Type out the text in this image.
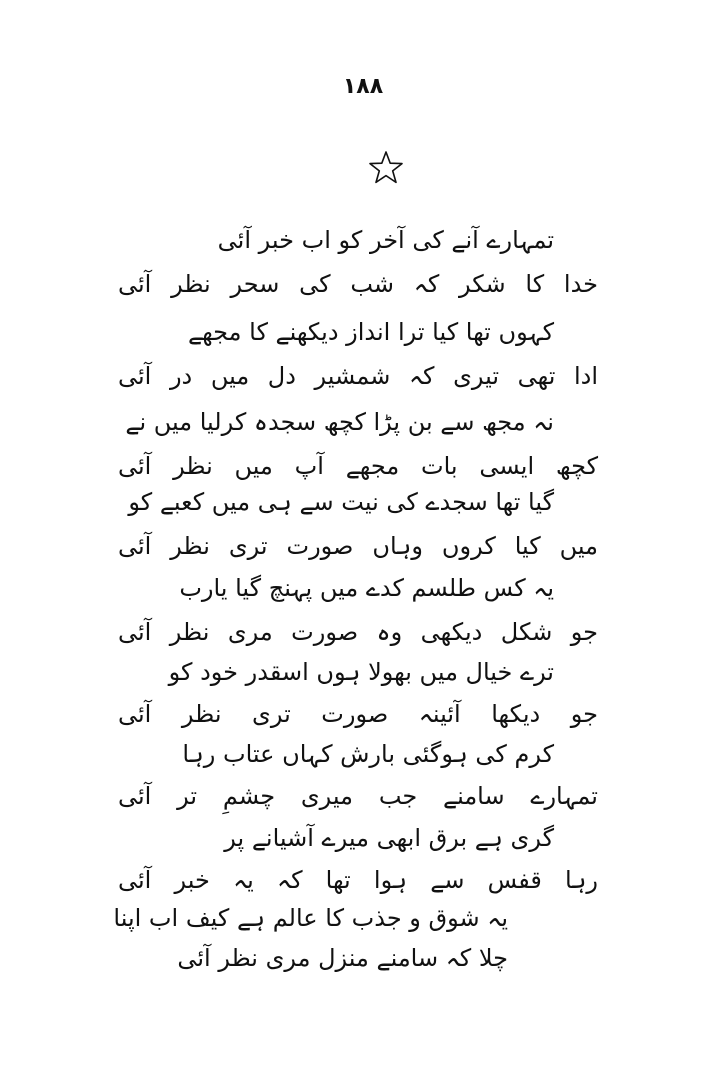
۱۸۸
تمہارے آنے کی آخر کو اب خبر آئی
خدا کا شکر کہ شب کی سحر نظر آئی
کہوں تھا کیا ترا انداز دیکھنے کا مجھے
ادا تھی تیری کہ شمشیر دل میں در آئی
نہ مجھ سے بن پڑا کچھ سجدہ کرلیا میں نے
کچھ ایسی بات مجھے آپ میں نظر آئی
گیا تھا سجدے کی نیت سے ہی میں کعبے کو
میں کیا کروں وہاں صورت تری نظر آئی
یہ کس طلسم کدے میں پہنچ گیا یارب
جو شکل دیکھی وہ صورت مری نظر آئی
ترے خیال میں بھولا ہوں اسقدر خود کو
جو دیکھا آئینہ صورت تری نظر آئی
کرم کی ہوگئی بارش کہاں عتاب رہا
تمہارے سامنے جب میری چشمِ تر آئی
گری ہے برق ابھی میرے آشیانے پر
رہا قفس سے ہوا تھا کہ یہ خبر آئی
یہ شوق و جذب کا عالم ہے کیف اب اپنا
چلا کہ سامنے منزل مری نظر آئی
